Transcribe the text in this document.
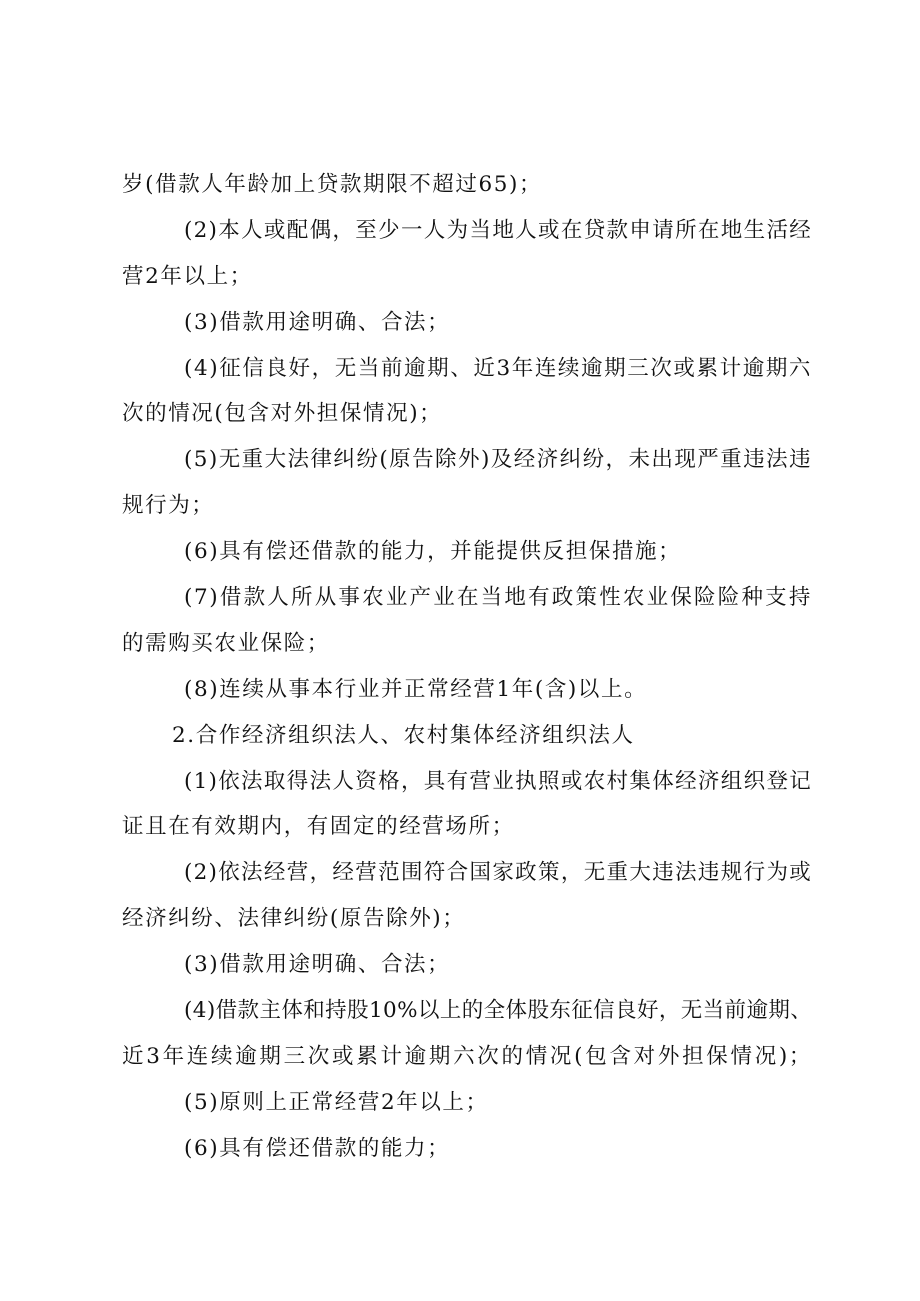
岁(借款人年龄加上贷款期限不超过65)；
(2)本人或配偶，至少一人为当地人或在贷款申请所在地生活经
营2年以上；
(3)借款用途明确、合法；
(4)征信良好，无当前逾期、近3年连续逾期三次或累计逾期六
次的情况(包含对外担保情况)；
(5)无重大法律纠纷(原告除外)及经济纠纷，未出现严重违法违
规行为；
(6)具有偿还借款的能力，并能提供反担保措施；
(7)借款人所从事农业产业在当地有政策性农业保险险种支持
的需购买农业保险；
(8)连续从事本行业并正常经营1年(含)以上。
2.合作经济组织法人、农村集体经济组织法人
(1)依法取得法人资格，具有营业执照或农村集体经济组织登记
证且在有效期内，有固定的经营场所；
(2)依法经营，经营范围符合国家政策，无重大违法违规行为或
经济纠纷、法律纠纷(原告除外)；
(3)借款用途明确、合法；
(4)借款主体和持股10%以上的全体股东征信良好，无当前逾期、
近3年连续逾期三次或累计逾期六次的情况(包含对外担保情况)；
(5)原则上正常经营2年以上；
(6)具有偿还借款的能力；
